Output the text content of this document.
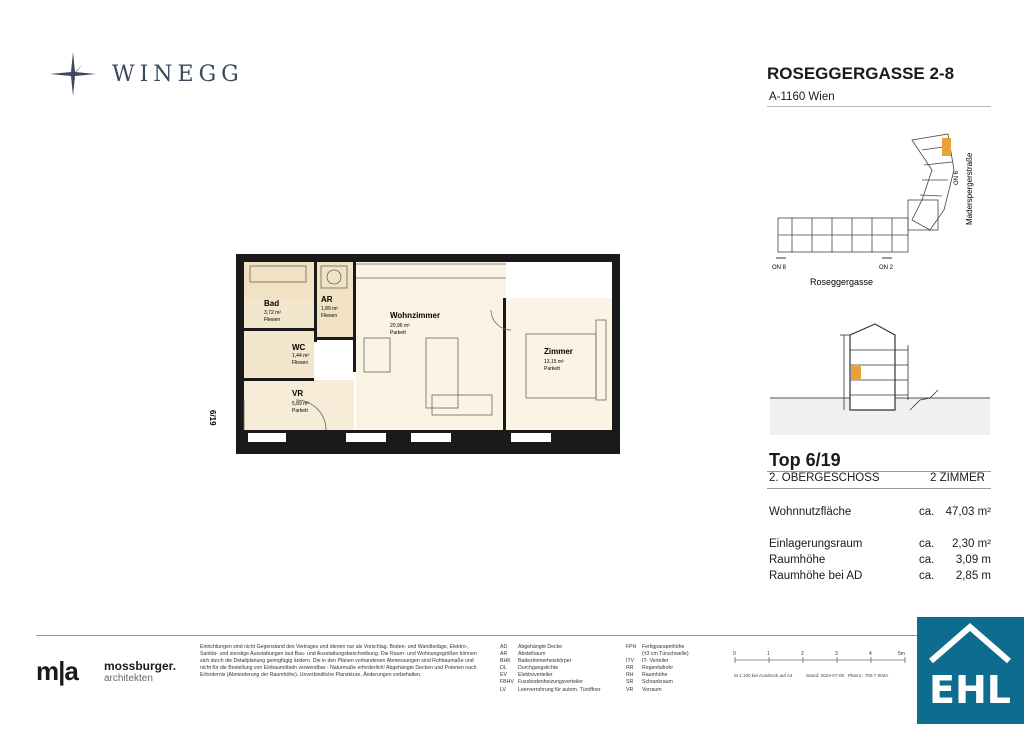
WINEGG	ROSEGGERGASSE 2-8
A-1160 Wien
ON 8	ON 2
ON 6
Roseggergasse
Maderspergerstraße
Bad
3,72 m²
Fliesen
AR
1,89 m²
Fliesen
WC
1,44 m²
Fliesen
VR
5,89 m²
Parkett
Wohnzimmer
20,96 m²
Parkett
Zimmer
13,15 m²
Parkett
6/19
Top 6/19
2. OBERGESCHOSS	2 ZIMMER
Wohnnutzfläche	ca. 47,03 m²
Einlagerungsraum	ca.	2,30 m²
Raumhöhe	ca.	3,09 m
Raumhöhe bei AD	ca.	2,85 m
m|a mossburger.
architekten
Einrichtungen sind nicht Gegenstand des Vertrages und dienen nur als Vorschlag. Boden- und Wandbeläge, Elektro-, Sanitär- und sonstige Ausstattungen laut Bau- und Ausstattungsbeschreibung. Die Raum- und Wohnungsgrößen können sich durch die Detailplanung geringfügig ändern. Die in den Plänen vorhandenen Abmessungen sind Rohbaumaße und nicht für die Bestellung von Einbaumöbeln verwendbar - Naturmaße erforderlich! Abgehängte Decken und Poterien nach Erfordernis (Abminderung der Raumhöhe). Unverbindliche Planskizze, Änderungen vorbehalten.
AD Abgehängte Decke
AR Abstellraum
BHK Badezimmerheizkörper
DL Durchgangslichte
EV Elektroverteiler
FBHV Fussbodenheizungsverteiler
LV Leerverrohrung für autom. Türöffner
FPH Fertigparapethöhe
(±3 cm Türschwelle)
ITV IT- Verteiler
RR Regenfallrohr
RH Raumhöhe
SR Schrankraum
VR Vorraum
0	1	2	3	4	5m
M 1:100 bei Ausdruck auf A4	Stand: 2024-07-05 Plannr.: 709 7 003A EHL
